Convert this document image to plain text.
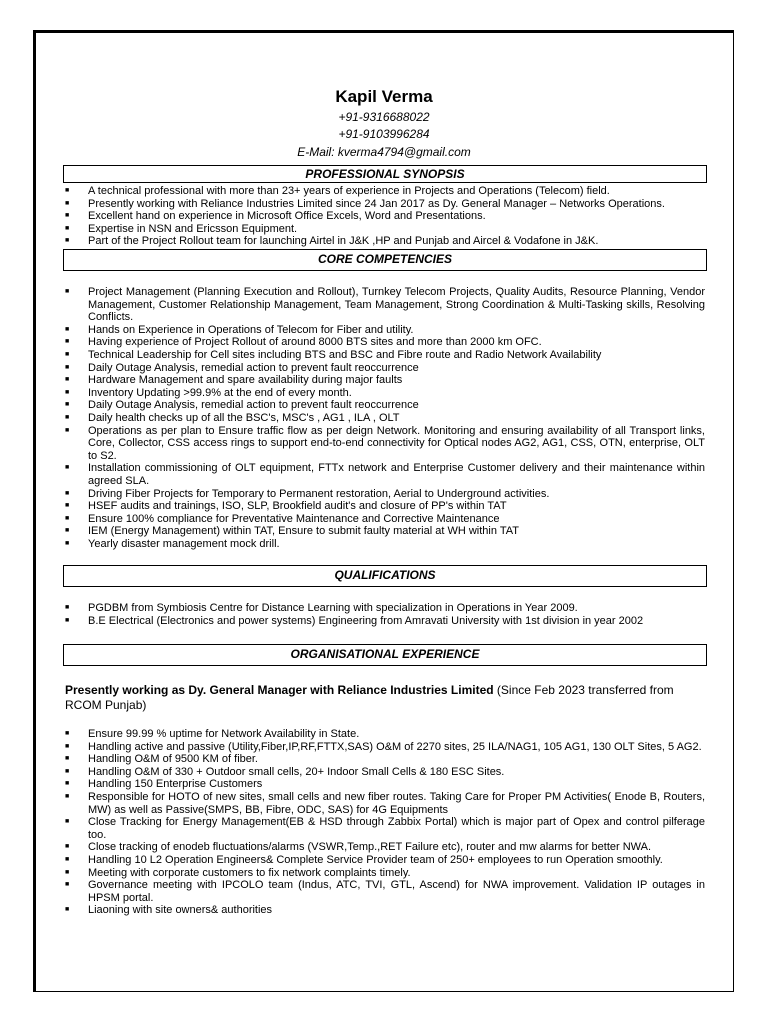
Kapil Verma
+91-9316688022
+91-9103996284
E-Mail: kverma4794@gmail.com
PROFESSIONAL SYNOPSIS
■ A technical professional with more than 23+ years of experience in Projects and Operations (Telecom) field.
■ Presently working with Reliance Industries Limited since 24 Jan 2017 as Dy. General Manager – Networks Operations.
■ Excellent hand on experience in Microsoft Office Excels, Word and Presentations.
■ Expertise in NSN and Ericsson Equipment.
■ Part of the Project Rollout team for launching Airtel in J&K ,HP and Punjab and Aircel & Vodafone in J&K.
CORE COMPETENCIES
■ Project Management (Planning Execution and Rollout), Turnkey Telecom Projects, Quality Audits, Resource Planning, Vendor Management, Customer Relationship Management, Team Management, Strong Coordination & Multi-Tasking skills, Resolving Conflicts.
■ Hands on Experience in Operations of Telecom for Fiber and utility.
■ Having experience of Project Rollout of around 8000 BTS sites and more than 2000 km OFC.
■ Technical Leadership for Cell sites including BTS and BSC and Fibre route and Radio Network Availability
■ Daily Outage Analysis, remedial action to prevent fault reoccurrence
■ Hardware Management and spare availability during major faults
■ Inventory Updating >99.9% at the end of every month.
■ Daily Outage Analysis, remedial action to prevent fault reoccurrence
■ Daily health checks up of all the BSC's, MSC's , AG1 , ILA , OLT
■ Operations as per plan to Ensure traffic flow as per deign Network. Monitoring and ensuring availability of all Transport links, Core, Collector, CSS access rings to support end-to-end connectivity for Optical nodes AG2, AG1, CSS, OTN, enterprise, OLT to S2.
■ Installation commissioning of OLT equipment, FTTx network and Enterprise Customer delivery and their maintenance within agreed SLA.
■ Driving Fiber Projects for Temporary to Permanent restoration, Aerial to Underground activities.
■ HSEF audits and trainings, ISO, SLP, Brookfield audit's and closure of PP's within TAT
■ Ensure 100% compliance for Preventative Maintenance and Corrective Maintenance
■ IEM (Energy Management) within TAT, Ensure to submit faulty material at WH within TAT
■ Yearly disaster management mock drill.
QUALIFICATIONS
■ PGDBM from Symbiosis Centre for Distance Learning with specialization in Operations in Year 2009.
■ B.E Electrical (Electronics and power systems) Engineering from Amravati University with 1st division in year 2002
ORGANISATIONAL EXPERIENCE
Presently working as Dy. General Manager with Reliance Industries Limited (Since Feb 2023 transferred from RCOM Punjab)
■ Ensure 99.99 % uptime for Network Availability in State.
■ Handling active and passive (Utility,Fiber,IP,RF,FTTX,SAS) O&M of 2270 sites, 25 ILA/NAG1, 105 AG1, 130 OLT Sites, 5 AG2.
■ Handling O&M of 9500 KM of fiber.
■ Handling O&M of 330 + Outdoor small cells, 20+ Indoor Small Cells & 180 ESC Sites.
■ Handling 150 Enterprise Customers
■ Responsible for HOTO of new sites, small cells and new fiber routes. Taking Care for Proper PM Activities( Enode B, Routers, MW) as well as Passive(SMPS, BB, Fibre, ODC, SAS) for 4G Equipments
■ Close Tracking for Energy Management(EB & HSD through Zabbix Portal) which is major part of Opex and control pilferage too.
■ Close tracking of enodeb fluctuations/alarms (VSWR,Temp.,RET Failure etc), router and mw alarms for better NWA.
■ Handling 10 L2 Operation Engineers& Complete Service Provider team of 250+ employees to run Operation smoothly.
■ Meeting with corporate customers to fix network complaints timely.
■ Governance meeting with IPCOLO team (Indus, ATC, TVI, GTL, Ascend) for NWA improvement. Validation IP outages in HPSM portal.
■ Liaoning with site owners& authorities
